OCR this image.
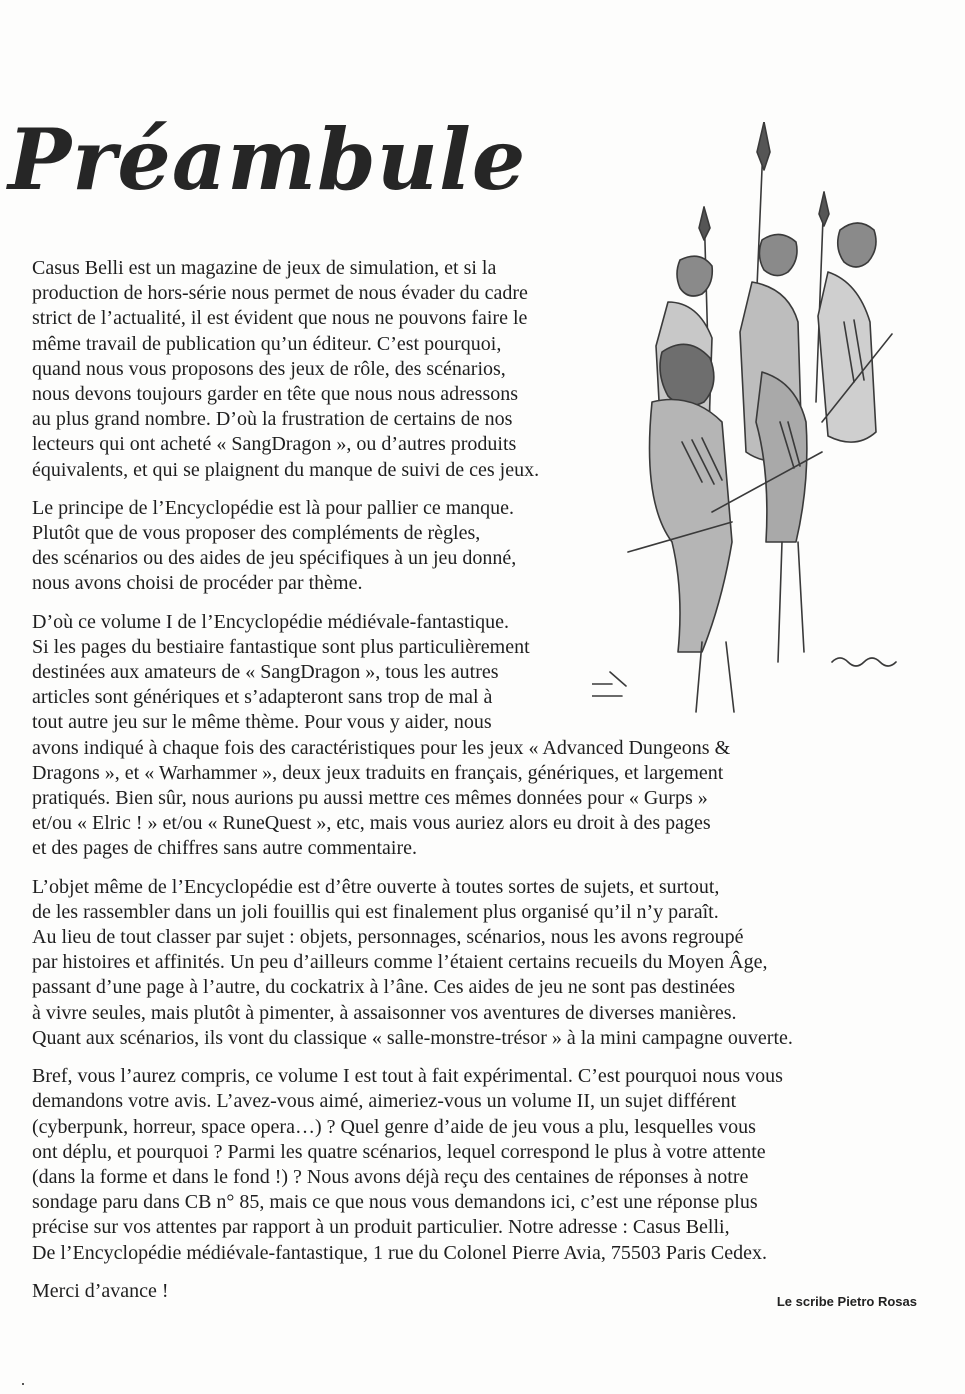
Préambule

Casus Belli est un magazine de jeux de simulation, et si la
production de hors-série nous permet de nous évader du cadre
strict de l’actualité, il est évident que nous ne pouvons faire le
même travail de publication qu’un éditeur. C’est pourquoi,
quand nous vous proposons des jeux de rôle, des scénarios,
nous devons toujours garder en tête que nous nous adressons
au plus grand nombre. D’où la frustration de certains de nos
lecteurs qui ont acheté « SangDragon », ou d’autres produits
équivalents, et qui se plaignent du manque de suivi de ces jeux.

Le principe de l’Encyclopédie est là pour pallier ce manque.
Plutôt que de vous proposer des compléments de règles,
des scénarios ou des aides de jeu spécifiques à un jeu donné,
nous avons choisi de procéder par thème.

D’où ce volume I de l’Encyclopédie médiévale-fantastique.
Si les pages du bestiaire fantastique sont plus particulièrement
destinées aux amateurs de « SangDragon », tous les autres
articles sont génériques et s’adapteront sans trop de mal à
tout autre jeu sur le même thème. Pour vous y aider, nous
avons indiqué à chaque fois des caractéristiques pour les jeux « Advanced Dungeons &
Dragons », et « Warhammer », deux jeux traduits en français, génériques, et largement
pratiqués. Bien sûr, nous aurions pu aussi mettre ces mêmes données pour « Gurps »
et/ou « Elric ! » et/ou « RuneQuest », etc, mais vous auriez alors eu droit à des pages
et des pages de chiffres sans autre commentaire.

L’objet même de l’Encyclopédie est d’être ouverte à toutes sortes de sujets, et surtout,
de les rassembler dans un joli fouillis qui est finalement plus organisé qu’il n’y paraît.
Au lieu de tout classer par sujet : objets, personnages, scénarios, nous les avons regroupé
par histoires et affinités. Un peu d’ailleurs comme l’étaient certains recueils du Moyen Âge,
passant d’une page à l’autre, du cockatrix à l’âne. Ces aides de jeu ne sont pas destinées
à vivre seules, mais plutôt à pimenter, à assaisonner vos aventures de diverses manières.
Quant aux scénarios, ils vont du classique « salle-monstre-trésor » à la mini campagne ouverte.

Bref, vous l’aurez compris, ce volume I est tout à fait expérimental. C’est pourquoi nous vous
demandons votre avis. L’avez-vous aimé, aimeriez-vous un volume II, un sujet différent
(cyberpunk, horreur, space opera…) ? Quel genre d’aide de jeu vous a plu, lesquelles vous
ont déplu, et pourquoi ? Parmi les quatre scénarios, lequel correspond le plus à votre attente
(dans la forme et dans le fond !) ? Nous avons déjà reçu des centaines de réponses à notre
sondage paru dans CB n° 85, mais ce que nous vous demandons ici, c’est une réponse plus
précise sur vos attentes par rapport à un produit particulier. Notre adresse : Casus Belli,
De l’Encyclopédie médiévale-fantastique, 1 rue du Colonel Pierre Avia, 75503 Paris Cedex.

Merci d’avance !	Le scribe Pietro Rosas
